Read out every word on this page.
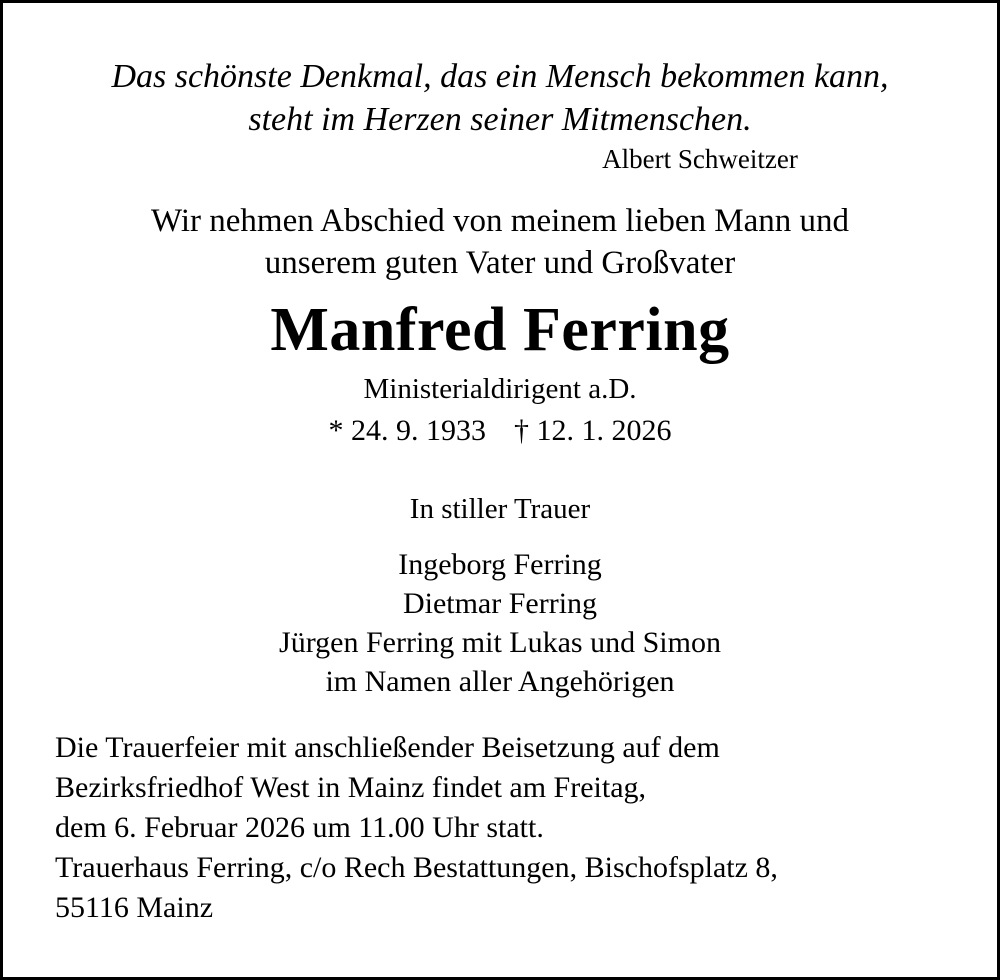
Das schönste Denkmal, das ein Mensch bekommen kann,
steht im Herzen seiner Mitmenschen.
Albert Schweitzer
Wir nehmen Abschied von meinem lieben Mann und
unserem guten Vater und Großvater
Manfred Ferring
Ministerialdirigent a.D.
* 24. 9. 1933 † 12. 1. 2026
In stiller Trauer
Ingeborg Ferring
Dietmar Ferring
Jürgen Ferring mit Lukas und Simon
im Namen aller Angehörigen
Die Trauerfeier mit anschließender Beisetzung auf dem
Bezirksfriedhof West in Mainz findet am Freitag,
dem 6. Februar 2026 um 11.00 Uhr statt.
Trauerhaus Ferring, c/o Rech Bestattungen, Bischofsplatz 8,
55116 Mainz
